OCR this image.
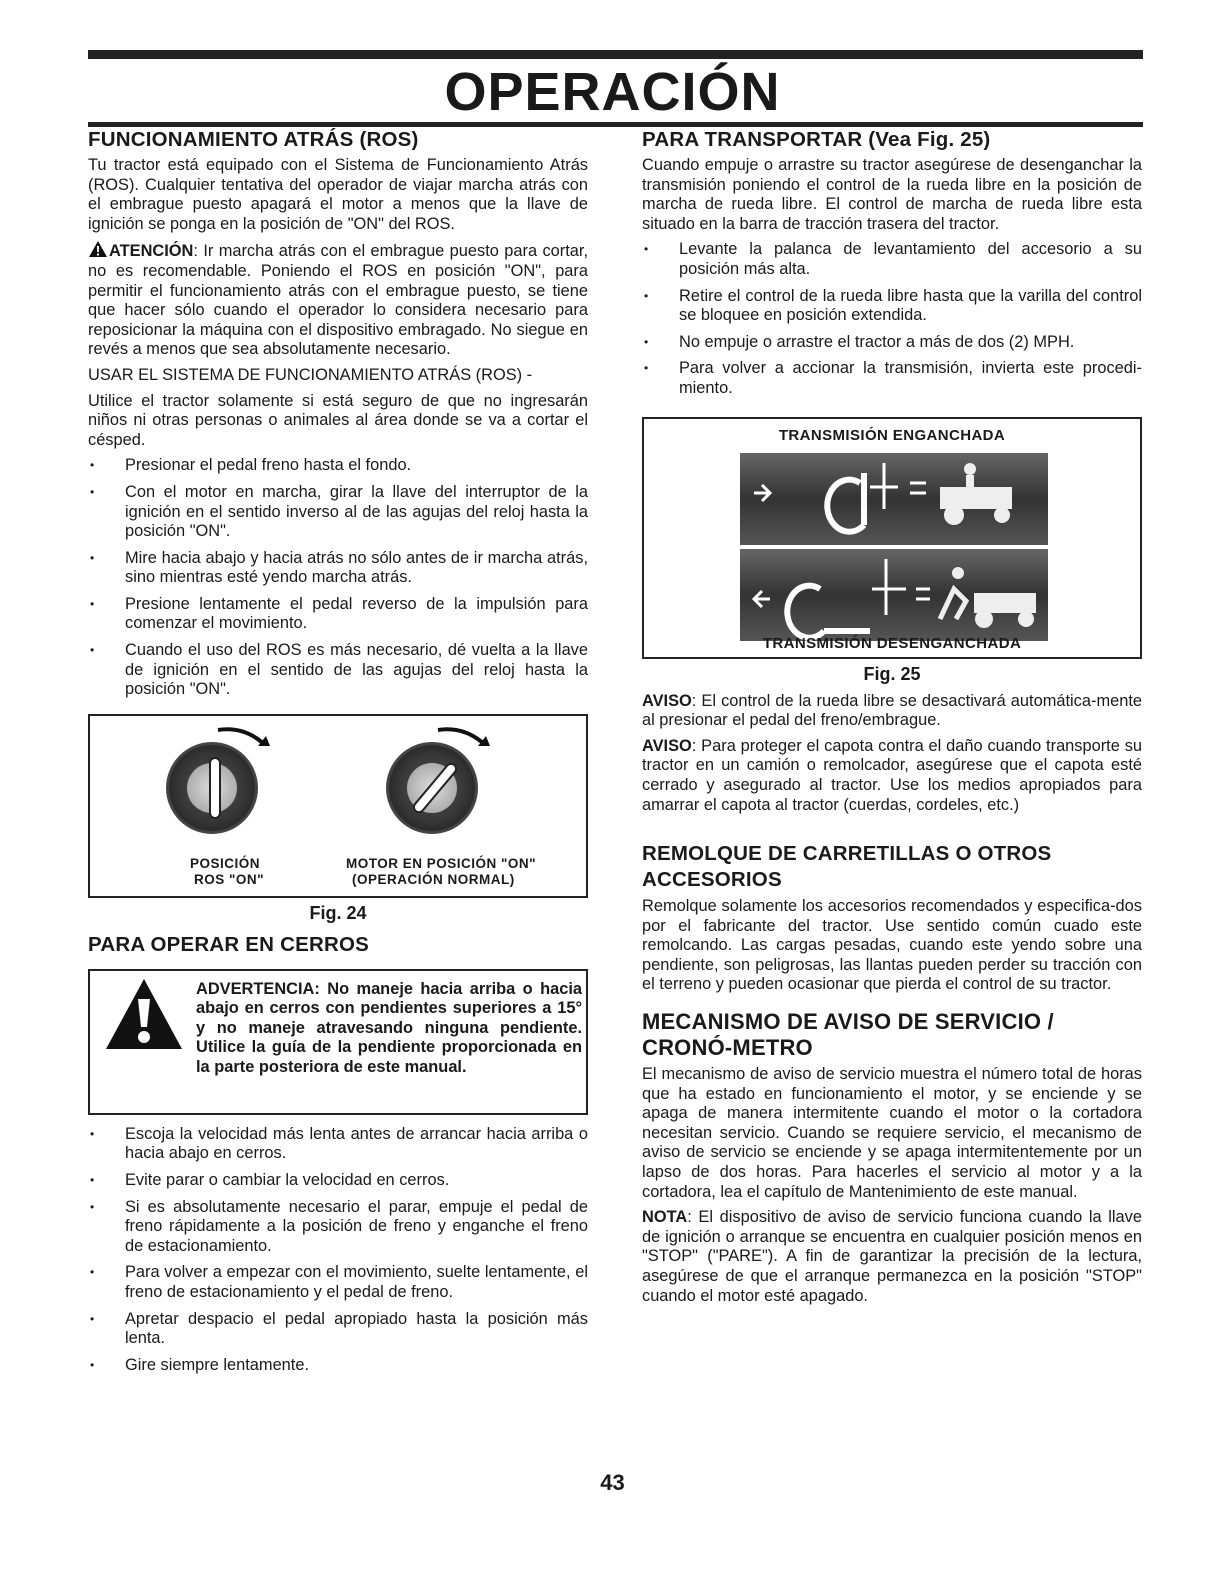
OPERACIÓN
FUNCIONAMIENTO ATRÁS (ROS)

Tu tractor está equipado con el Sistema de Funcionamiento Atrás (ROS). Cualquier tentativa del operador de viajar marcha atrás con el embrague puesto apagará el motor a menos que la llave de ignición se ponga en la posición de "ON" del ROS.

ATENCIÓN: Ir marcha atrás con el embrague puesto para cortar, no es recomendable. Poniendo el ROS en posición "ON", para permitir el funcionamiento atrás con el embrague puesto, se tiene que hacer sólo cuando el operador lo considera necesario para reposicionar la máquina con el dispositivo embragado. No siegue en revés a menos que sea absolutamente necesario.

USAR EL SISTEMA DE FUNCIONAMIENTO ATRÁS (ROS) -

Utilice el tractor solamente si está seguro de que no ingresarán niños ni otras personas o animales al área donde se va a cortar el césped.

• Presionar el pedal freno hasta el fondo.
• Con el motor en marcha, girar la llave del interruptor de la ignición en el sentido inverso al de las agujas del reloj hasta la posición "ON".
• Mire hacia abajo y hacia atrás no sólo antes de ir marcha atrás, sino mientras esté yendo marcha atrás.
• Presione lentamente el pedal reverso de la impulsión para comenzar el movimiento.
• Cuando el uso del ROS es más necesario, dé vuelta a la llave de ignición en el sentido de las agujas del reloj hasta la posición "ON".
POSICIÓN
ROS "ON"
MOTOR EN POSICIÓN "ON"
(OPERACIÓN NORMAL)
Fig. 24
PARA OPERAR EN CERROS
ADVERTENCIA: No maneje hacia arriba o hacia abajo en cerros con pendientes superiores a 15° y no maneje atravesando ninguna pendiente. Utilice la guía de la pendiente proporcionada en la parte posteriora de este manual.
• Escoja la velocidad más lenta antes de arrancar hacia arriba o hacia abajo en cerros.
• Evite parar o cambiar la velocidad en cerros.
• Si es absolutamente necesario el parar, empuje el pedal de freno rápidamente a la posición de freno y enganche el freno de estacionamiento.
• Para volver a empezar con el movimiento, suelte lentamente, el freno de estacionamiento y el pedal de freno.
• Apretar despacio el pedal apropiado hasta la posición más lenta.
• Gire siempre lentamente.
PARA TRANSPORTAR (Vea Fig. 25)

Cuando empuje o arrastre su tractor asegúrese de desenganchar la transmisión poniendo el control de la rueda libre en la posición de marcha de rueda libre. El control de marcha de rueda libre esta situado en la barra de tracción trasera del tractor.

• Levante la palanca de levantamiento del accesorio a su posición más alta.
• Retire el control de la rueda libre hasta que la varilla del control se bloquee en posición extendida.
• No empuje o arrastre el tractor a más de dos (2) MPH.
• Para volver a accionar la transmisión, invierta este procedi-miento.
TRANSMISIÓN ENGANCHADA
TRANSMISIÓN DESENGANCHADA
Fig. 25

AVISO: El control de la rueda libre se desactivará automática-mente al presionar el pedal del freno/embrague.

AVISO: Para proteger el capota contra el daño cuando transporte su tractor en un camión o remolcador, asegúrese que el capota esté cerrado y asegurado al tractor. Use los medios apropiados para amarrar el capota al tractor (cuerdas, cordeles, etc.)

REMOLQUE DE CARRETILLAS O OTROS ACCESORIOS

Remolque solamente los accesorios recomendados y especifica-dos por el fabricante del tractor. Use sentido común cuado este remolcando. Las cargas pesadas, cuando este yendo sobre una pendiente, son peligrosas, las llantas pueden perder su tracción con el terreno y pueden ocasionar que pierda el control de su tractor.

MECANISMO DE AVISO DE SERVICIO / CRONÓ-METRO

El mecanismo de aviso de servicio muestra el número total de horas que ha estado en funcionamiento el motor, y se enciende y se apaga de manera intermitente cuando el motor o la cortadora necesitan servicio. Cuando se requiere servicio, el mecanismo de aviso de servicio se enciende y se apaga intermitentemente por un lapso de dos horas. Para hacerles el servicio al motor y a la cortadora, lea el capítulo de Mantenimiento de este manual.

NOTA: El dispositivo de aviso de servicio funciona cuando la llave de ignición o arranque se encuentra en cualquier posición menos en "STOP" ("PARE"). A fin de garantizar la precisión de la lectura, asegúrese de que el arranque permanezca en la posición "STOP" cuando el motor esté apagado.

43
